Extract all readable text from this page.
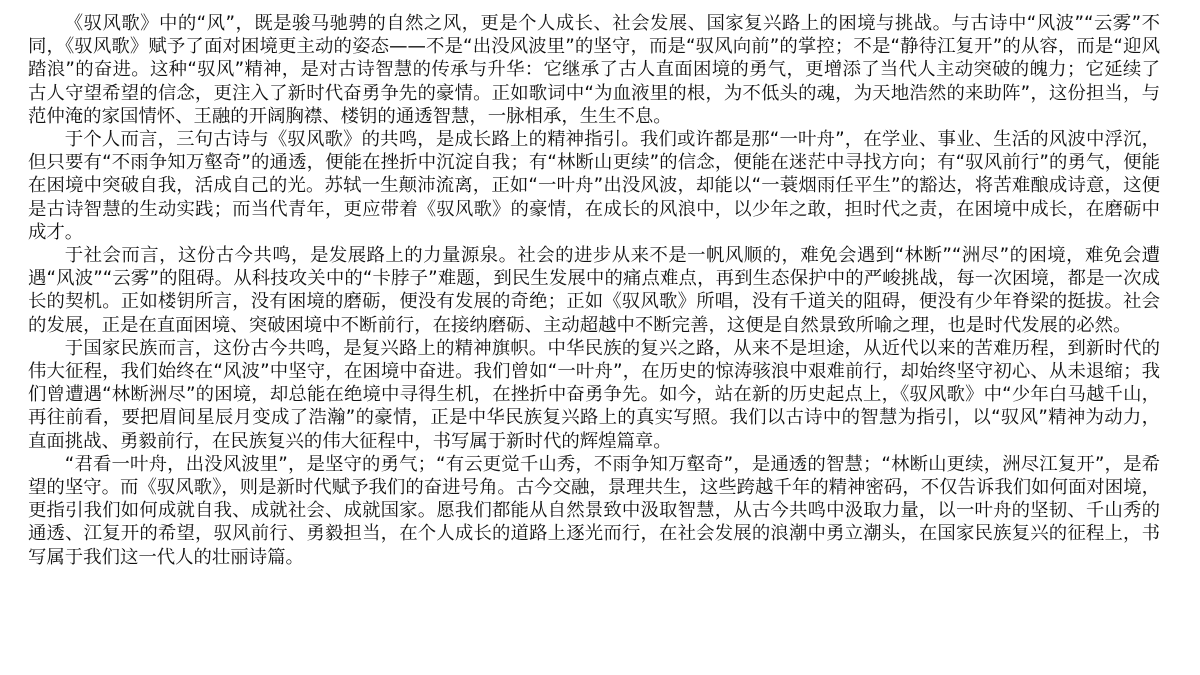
《驭风歌》中的“风”，既是骏马驰骋的自然之风，更是个人成长、社会发展、国家复兴路上的困境与挑战。与古诗中“风波”“云雾”不同，《驭风歌》赋予了面对困境更主动的姿态——不是“出没风波里”的坚守，而是“驭风向前”的掌控；不是“静待江复开”的从容，而是“迎风踏浪”的奋进。这种“驭风”精神，是对古诗智慧的传承与升华：它继承了古人直面困境的勇气，更增添了当代人主动突破的魄力；它延续了古人守望希望的信念，更注入了新时代奋勇争先的豪情。正如歌词中“为血液里的根，为不低头的魂，为天地浩然的来助阵”，这份担当，与范仲淹的家国情怀、王融的开阔胸襟、楼钥的通透智慧，一脉相承，生生不息。

于个人而言，三句古诗与《驭风歌》的共鸣，是成长路上的精神指引。我们或许都是那“一叶舟”，在学业、事业、生活的风波中浮沉，但只要有“不雨争知万壑奇”的通透，便能在挫折中沉淀自我；有“林断山更续”的信念，便能在迷茫中寻找方向；有“驭风前行”的勇气，便能在困境中突破自我，活成自己的光。苏轼一生颠沛流离，正如“一叶舟”出没风波，却能以“一蓑烟雨任平生”的豁达，将苦难酿成诗意，这便是古诗智慧的生动实践；而当代青年，更应带着《驭风歌》的豪情，在成长的风浪中，以少年之敢，担时代之责，在困境中成长，在磨砺中成才。

于社会而言，这份古今共鸣，是发展路上的力量源泉。社会的进步从来不是一帆风顺的，难免会遇到“林断”“洲尽”的困境，难免会遭遇“风波”“云雾”的阻碍。从科技攻关中的“卡脖子”难题，到民生发展中的痛点难点，再到生态保护中的严峻挑战，每一次困境，都是一次成长的契机。正如楼钥所言，没有困境的磨砺，便没有发展的奇绝；正如《驭风歌》所唱，没有千道关的阻碍，便没有少年脊梁的挺拔。社会的发展，正是在直面困境、突破困境中不断前行，在接纳磨砺、主动超越中不断完善，这便是自然景致所喻之理，也是时代发展的必然。

于国家民族而言，这份古今共鸣，是复兴路上的精神旗帜。中华民族的复兴之路，从来不是坦途，从近代以来的苦难历程，到新时代的伟大征程，我们始终在“风波”中坚守，在困境中奋进。我们曾如“一叶舟”，在历史的惊涛骇浪中艰难前行，却始终坚守初心、从未退缩；我们曾遭遇“林断洲尽”的困境，却总能在绝境中寻得生机，在挫折中奋勇争先。如今，站在新的历史起点上，《驭风歌》中“少年白马越千山，再往前看，要把眉间星辰月变成了浩瀚”的豪情，正是中华民族复兴路上的真实写照。我们以古诗中的智慧为指引，以“驭风”精神为动力，直面挑战、勇毅前行，在民族复兴的伟大征程中，书写属于新时代的辉煌篇章。

“君看一叶舟，出没风波里”，是坚守的勇气；“有云更觉千山秀，不雨争知万壑奇”，是通透的智慧；“林断山更续，洲尽江复开”，是希望的坚守。而《驭风歌》，则是新时代赋予我们的奋进号角。古今交融，景理共生，这些跨越千年的精神密码，不仅告诉我们如何面对困境，更指引我们如何成就自我、成就社会、成就国家。愿我们都能从自然景致中汲取智慧，从古今共鸣中汲取力量，以一叶舟的坚韧、千山秀的通透、江复开的希望，驭风前行、勇毅担当，在个人成长的道路上逐光而行，在社会发展的浪潮中勇立潮头，在国家民族复兴的征程上，书写属于我们这一代人的壮丽诗篇。
